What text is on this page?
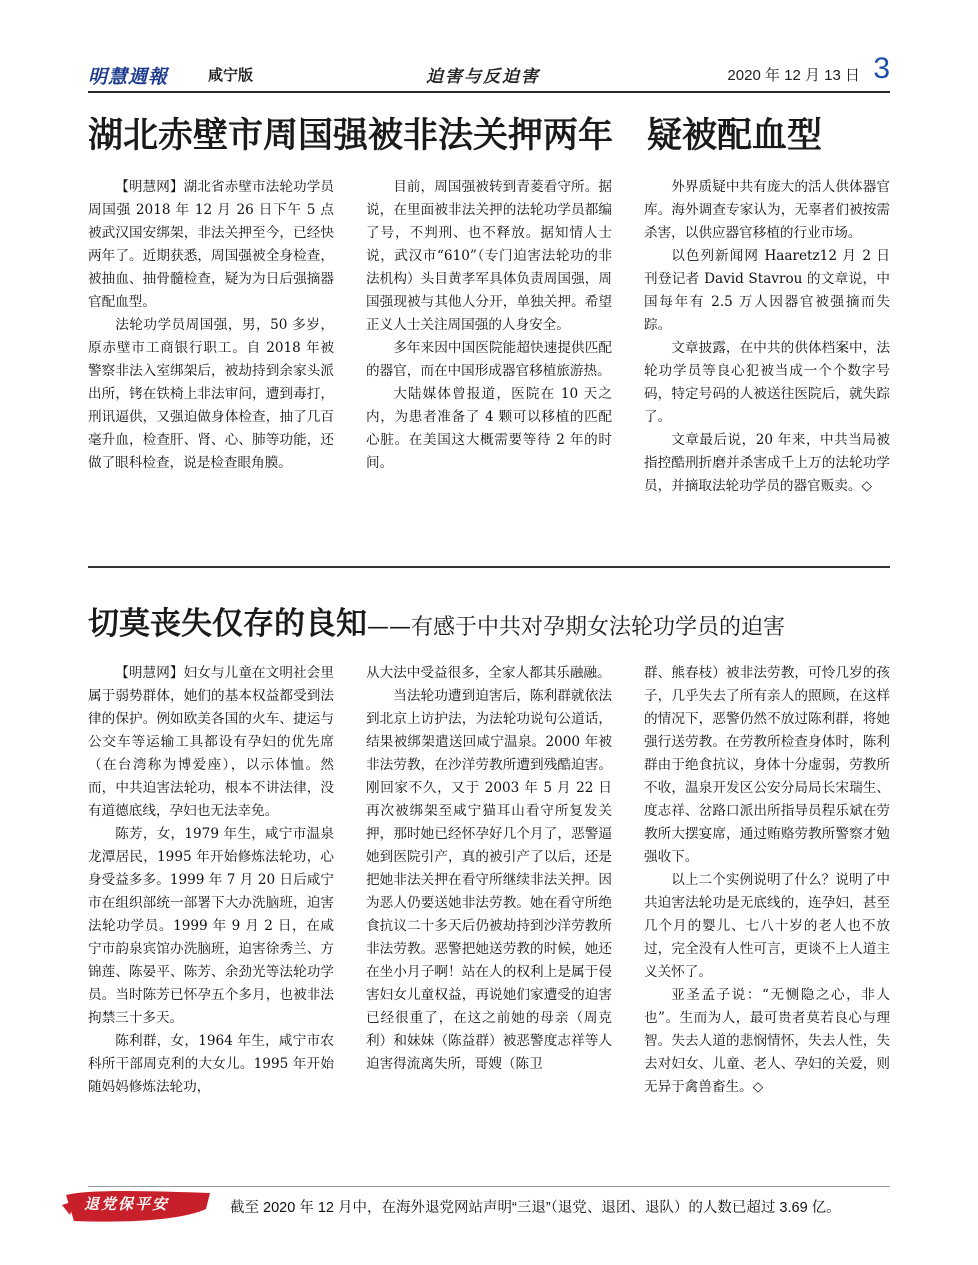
明慧週報	咸宁版	迫害与反迫害	2020 年 12 月 13 日 3
湖北赤壁市周国强被非法关押两年 疑被配血型

【明慧网】湖北省赤壁市法轮功学员周国强 2018 年 12 月 26 日下午 5 点被武汉国安绑架，非法关押至今，已经快两年了。近期获悉，周国强被全身检查，被抽血、抽骨髓检查，疑为为日后强摘器官配血型。

法轮功学员周国强，男，50 多岁，原赤壁市工商银行职工。自 2018 年被警察非法入室绑架后，被劫持到余家头派出所，铐在铁椅上非法审问，遭到毒打，刑讯逼供，又强迫做身体检查，抽了几百毫升血，检查肝、肾、心、肺等功能，还做了眼科检查，说是检查眼角膜。

目前，周国强被转到青菱看守所。据说，在里面被非法关押的法轮功学员都编了号，不判刑、也不释放。据知情人士说，武汉市“610”（专门迫害法轮功的非法机构）头目黄孝军具体负责周国强，周国强现被与其他人分开，单独关押。希望正义人士关注周国强的人身安全。

多年来因中国医院能超快速提供匹配的器官，而在中国形成器官移植旅游热。

大陆媒体曾报道，医院在 10 天之内，为患者准备了 4 颗可以移植的匹配心脏。在美国这大概需要等待 2 年的时间。

外界质疑中共有庞大的活人供体器官库。海外调查专家认为，无辜者们被按需杀害，以供应器官移植的行业市场。

以色列新闻网 Haaretz12 月 2 日刊登记者 David Stavrou 的文章说，中国每年有 2.5 万人因器官被强摘而失踪。

文章披露，在中共的供体档案中，法轮功学员等良心犯被当成一个个数字号码，特定号码的人被送往医院后，就失踪了。

文章最后说，20 年来，中共当局被指控酷刑折磨并杀害成千上万的法轮功学员，并摘取法轮功学员的器官贩卖。◇

切莫丧失仅存的良知——有感于中共对孕期女法轮功学员的迫害

【明慧网】妇女与儿童在文明社会里属于弱势群体，她们的基本权益都受到法律的保护。例如欧美各国的火车、捷运与公交车等运输工具都设有孕妇的优先席（在台湾称为博爱座），以示体恤。然而，中共迫害法轮功，根本不讲法律，没有道德底线，孕妇也无法幸免。

陈芳，女，1979 年生，咸宁市温泉龙潭居民，1995 年开始修炼法轮功，心身受益多多。1999 年 7 月 20 日后咸宁市在组织部统一部署下大办洗脑班，迫害法轮功学员。1999 年 9 月 2 日，在咸宁市韵泉宾馆办洗脑班，迫害徐秀兰、方锦莲、陈晏平、陈芳、余劲光等法轮功学员。当时陈芳已怀孕五个多月，也被非法拘禁三十多天。

陈利群，女，1964 年生，咸宁市农科所干部周克利的大女儿。1995 年开始随妈妈修炼法轮功，

从大法中受益很多，全家人都其乐融融。

当法轮功遭到迫害后，陈利群就依法到北京上访护法，为法轮功说句公道话，结果被绑架遣送回咸宁温泉。2000 年被非法劳教，在沙洋劳教所遭到残酷迫害。刚回家不久，又于 2003 年 5 月 22 日再次被绑架至咸宁猫耳山看守所复发关押，那时她已经怀孕好几个月了，恶警逼她到医院引产，真的被引产了以后，还是把她非法关押在看守所继续非法关押。因为恶人仍要送她非法劳教。她在看守所绝食抗议二十多天后仍被劫持到沙洋劳教所非法劳教。恶警把她送劳教的时候，她还在坐小月子啊！站在人的权利上是属于侵害妇女儿童权益，再说她们家遭受的迫害已经很重了，在这之前她的母亲（周克利）和妹妹（陈益群）被恶警度志祥等人迫害得流离失所，哥嫂（陈卫

群、熊春枝）被非法劳教，可怜几岁的孩子，几乎失去了所有亲人的照顾，在这样的情况下，恶警仍然不放过陈利群，将她强行送劳教。在劳教所检查身体时，陈利群由于绝食抗议，身体十分虚弱，劳教所不收，温泉开发区公安分局局长宋瑞生、度志祥、岔路口派出所指导员程乐斌在劳教所大摆宴席，通过贿赂劳教所警察才勉强收下。

以上二个实例说明了什么？说明了中共迫害法轮功是无底线的，连孕妇，甚至几个月的婴儿、七八十岁的老人也不放过，完全没有人性可言，更谈不上人道主义关怀了。

亚圣孟子说：“无恻隐之心，非人也”。生而为人，最可贵者莫若良心与理智。失去人道的悲悯情怀，失去人性，失去对妇女、儿童、老人、孕妇的关爱，则无异于禽兽畜生。◇

退党保平安	截至 2020 年 12 月中，在海外退党网站声明“三退”（退党、退团、退队）的人数已超过 3.69 亿。
